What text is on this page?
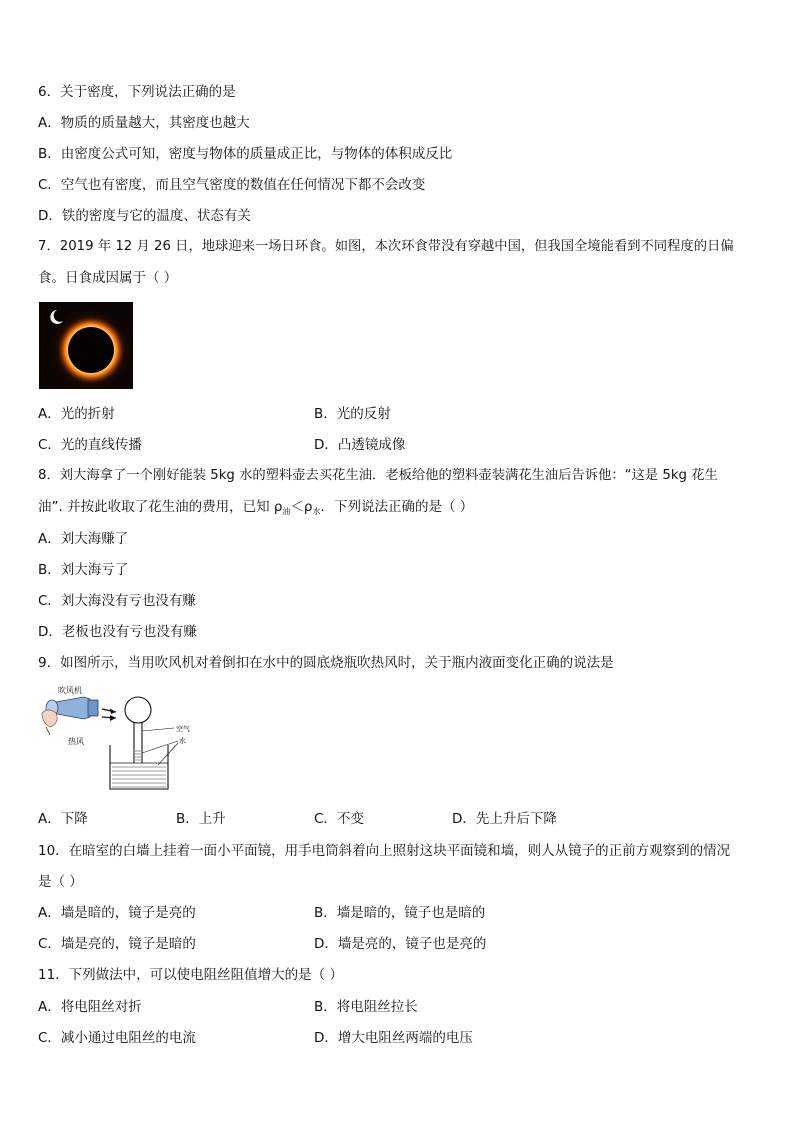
6．关于密度，下列说法正确的是
A．物质的质量越大，其密度也越大
B．由密度公式可知，密度与物体的质量成正比，与物体的体积成反比
C．空气也有密度，而且空气密度的数值在任何情况下都不会改变
D．铁的密度与它的温度、状态有关
7．2019 年 12 月 26 日，地球迎来一场日环食。如图，本次环食带没有穿越中国，但我国全境能看到不同程度的日偏
食。日食成因属于（ ）
A．光的折射	B．光的反射
C．光的直线传播	D．凸透镜成像
8．刘大海拿了一个刚好能装 5kg 水的塑料壶去买花生油．老板给他的塑料壶装满花生油后告诉他：“这是 5kg 花生
油”. 并按此收取了花生油的费用，已知 $\rho_油<\rho_水$．下列说法正确的是（ ）
A．刘大海赚了
B．刘大海亏了
C．刘大海没有亏也没有赚
D．老板也没有亏也没有赚
9．如图所示，当用吹风机对着倒扣在水中的圆底烧瓶吹热风时，关于瓶内液面变化正确的说法是
吹风机
热风
空气
水
A．下降	B．上升	C．不变	D．先上升后下降
10．在暗室的白墙上挂着一面小平面镜，用手电筒斜着向上照射这块平面镜和墙，则人从镜子的正前方观察到的情况
是（ ）
A．墙是暗的，镜子是亮的	B．墙是暗的，镜子也是暗的
C．墙是亮的，镜子是暗的	D．墙是亮的，镜子也是亮的
11．下列做法中，可以使电阻丝阻值增大的是（ ）
A．将电阻丝对折	B．将电阻丝拉长
C．减小通过电阻丝的电流	D．增大电阻丝两端的电压
